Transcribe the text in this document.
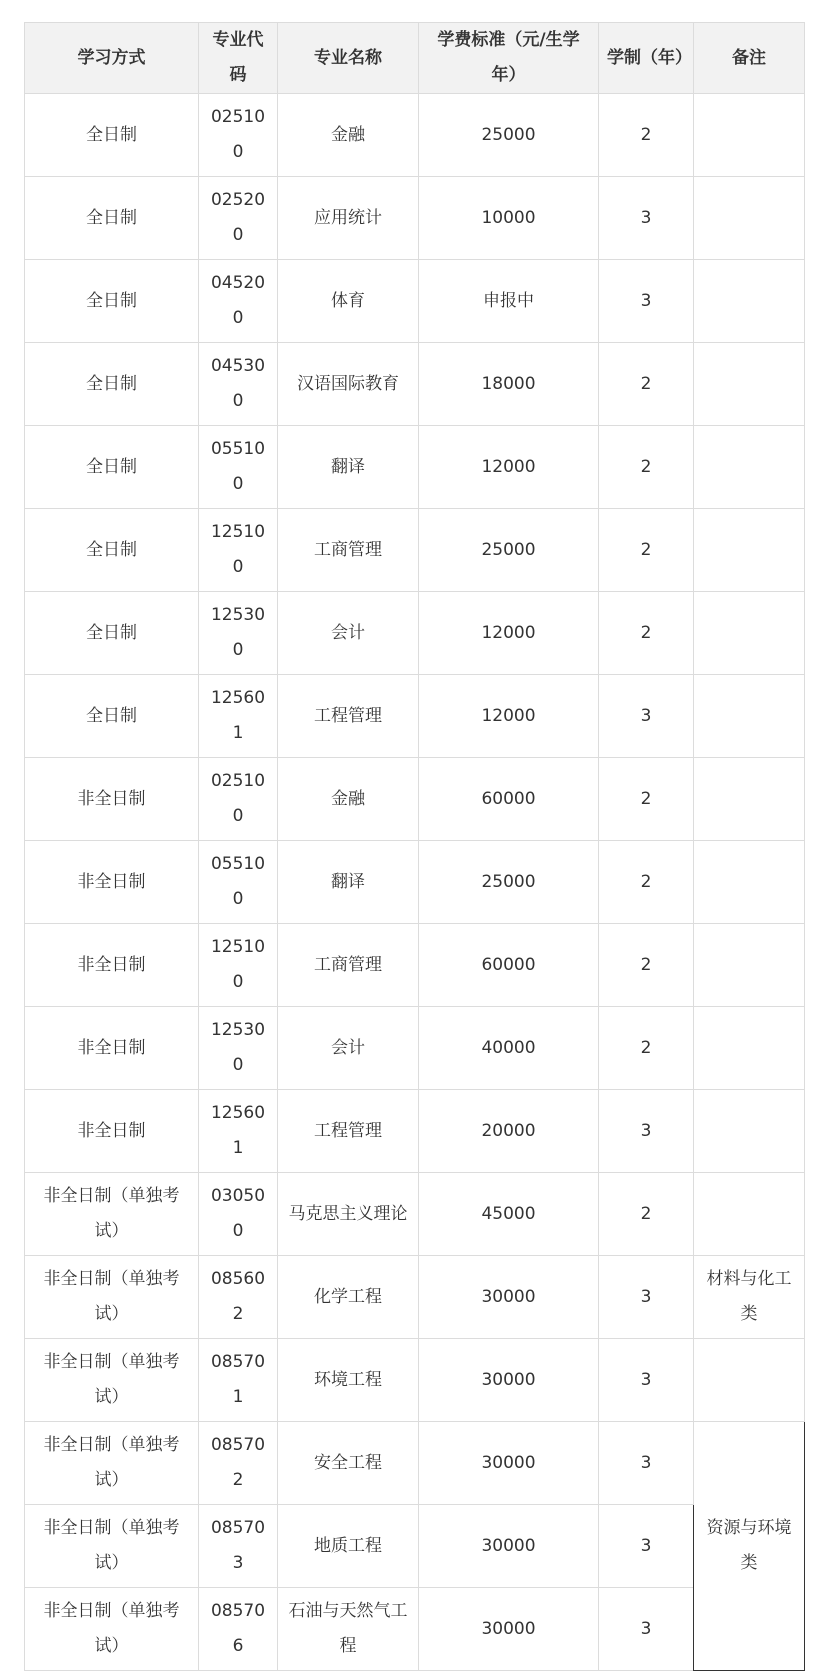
学习方式	专业代码	专业名称	学费标准（元/生学年）	学制（年）	备注
全日制	025100	金融	25000	2	
全日制	025200	应用统计	10000	3	
全日制	045200	体育	申报中	3	
全日制	045300	汉语国际教育	18000	2	
全日制	055100	翻译	12000	2	
全日制	125100	工商管理	25000	2	
全日制	125300	会计	12000	2	
全日制	125601	工程管理	12000	3	
非全日制	025100	金融	60000	2	
非全日制	055100	翻译	25000	2	
非全日制	125100	工商管理	60000	2	
非全日制	125300	会计	40000	2	
非全日制	125601	工程管理	20000	3	
非全日制（单独考试）	030500	马克思主义理论	45000	2	
非全日制（单独考试）	085602	化学工程	30000	3	材料与化工类
非全日制（单独考试）	085701	环境工程	30000	3	
非全日制（单独考试）	085702	安全工程	30000	3	资源与环境类
非全日制（单独考试）	085703	地质工程	30000	3	
非全日制（单独考试）	085706	石油与天然气工程	30000	3	
